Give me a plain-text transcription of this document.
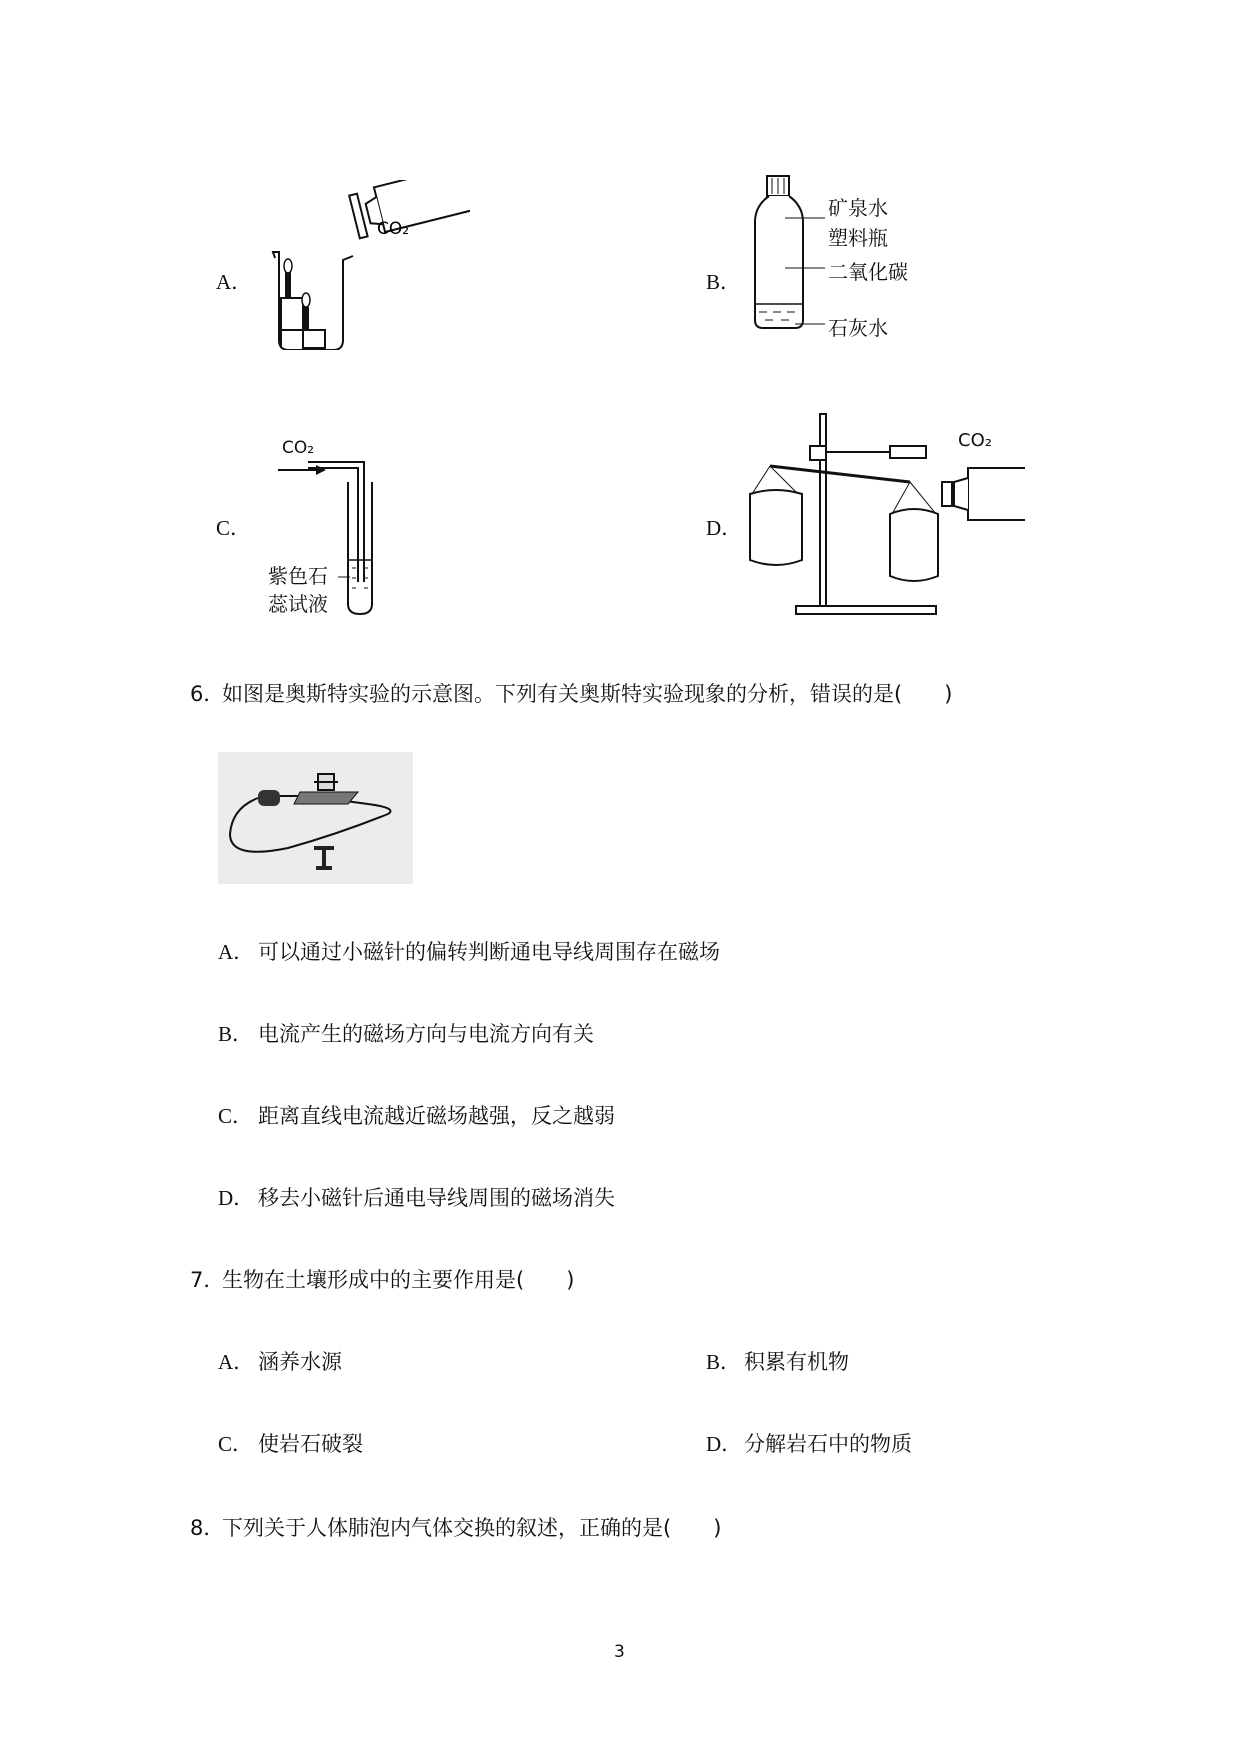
A．
CO₂
B．
矿泉水
塑料瓶
二氧化碳
石灰水
C．
CO₂
紫色石
蕊试液
D．
CO₂
6．
如图是奥斯特实验的示意图。下列有关奥斯特实验现象的分析，错误的是(　　)
A． 可以通过小磁针的偏转判断通电导线周围存在磁场
B． 电流产生的磁场方向与电流方向有关
C． 距离直线电流越近磁场越强，反之越弱
D． 移去小磁针后通电导线周围的磁场消失
7．
生物在土壤形成中的主要作用是(　　)
A． 涵养水源	B． 积累有机物
C． 使岩石破裂	D． 分解岩石中的物质
8．
下列关于人体肺泡内气体交换的叙述，正确的是(　　)
3
